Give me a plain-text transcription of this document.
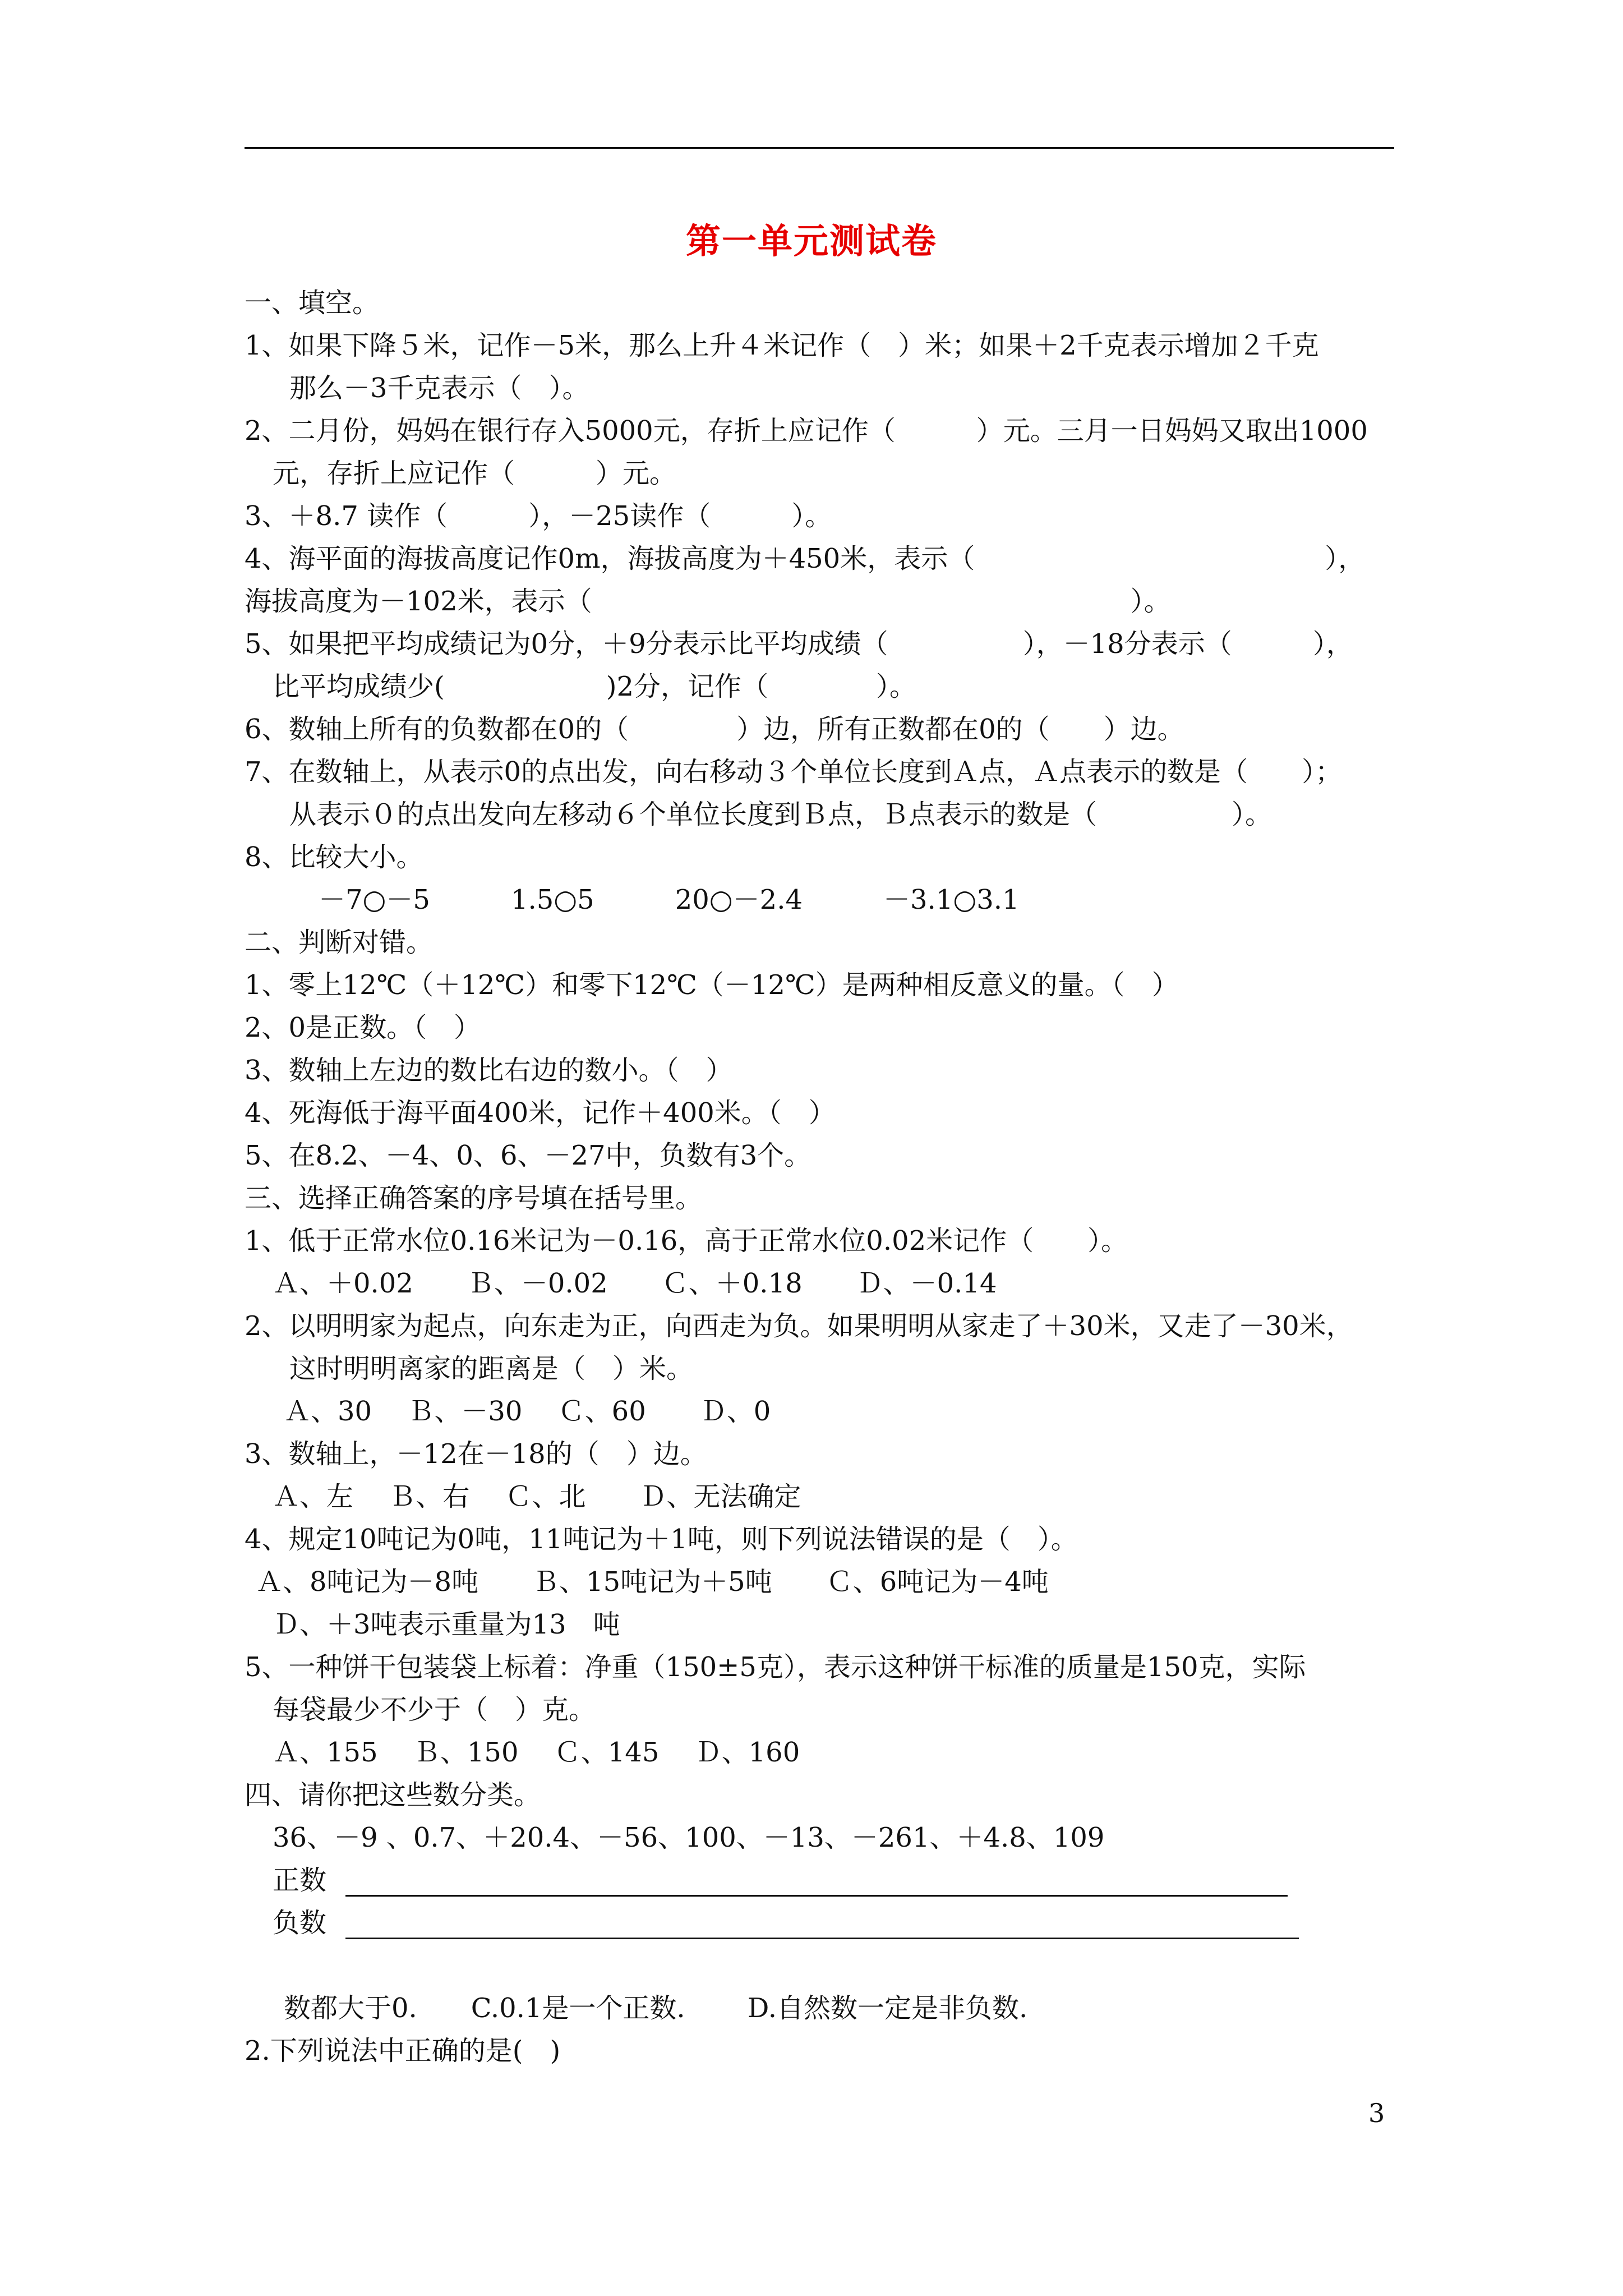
第一单元测试卷
一、填空。
1、如果下降５米，记作－5米，那么上升４米记作（　）米；如果＋2千克表示增加２千克
那么－3千克表示（　）。
2、二月份，妈妈在银行存入5000元，存折上应记作（　　　）元。三月一日妈妈又取出1000
元，存折上应记作（　　　）元。
3、＋8.7 读作（　　　），－25读作（　　　）。
4、海平面的海拔高度记作0m，海拔高度为＋450米，表示（　　　　　　　　　　　　　），
海拔高度为－102米，表示（　　　　　　　　　　　　　　　　　　　　）。
5、如果把平均成绩记为0分，＋9分表示比平均成绩（　　　　　），－18分表示（　　　），
比平均成绩少(　　　　　　)2分，记作（　　　　）。
6、数轴上所有的负数都在0的（　　　　）边，所有正数都在0的（　　）边。
7、在数轴上，从表示0的点出发，向右移动３个单位长度到Ａ点，Ａ点表示的数是（　　）；
从表示０的点出发向左移动６个单位长度到Ｂ点，Ｂ点表示的数是（　　　　　）。
8、比较大小。
－7○－5　　　1.5○5　　　20○－2.4　　　－3.1○3.1
二、判断对错。
1、零上12℃（＋12℃）和零下12℃（－12℃）是两种相反意义的量。（　）
2、0是正数。（　）
3、数轴上左边的数比右边的数小。（　）
4、死海低于海平面400米，记作＋400米。（　）
5、在8.2、－4、0、6、－27中，负数有3个。
三、选择正确答案的序号填在括号里。
1、低于正常水位0.16米记为－0.16，高于正常水位0.02米记作（　　）。
Ａ、＋0.02　　Ｂ、－0.02　　Ｃ、＋0.18　　Ｄ、－0.14
2、以明明家为起点，向东走为正，向西走为负。如果明明从家走了＋30米，又走了－30米，
这时明明离家的距离是（　）米。
Ａ、30　 Ｂ、－30　 Ｃ、60　　Ｄ、0
3、数轴上，－12在－18的（　）边。
Ａ、左　 Ｂ、右　 Ｃ、北　　Ｄ、无法确定
4、规定10吨记为0吨，11吨记为＋1吨，则下列说法错误的是（　）。
Ａ、8吨记为－8吨　　Ｂ、15吨记为＋5吨　　Ｃ、6吨记为－4吨
Ｄ、＋3吨表示重量为13　吨
5、一种饼干包装袋上标着：净重（150±5克），表示这种饼干标准的质量是150克，实际
每袋最少不少于（　）克。
Ａ、155　 Ｂ、150　 Ｃ、145　 Ｄ、160
四、请你把这些数分类。
36、－9 、0.7、＋20.4、－56、100、－13、－261、＋4.8、109
正数
负数
数都大于0.　　C.0.1是一个正数.　　 D.自然数一定是非负数.
2.下列说法中正确的是(　)
3
